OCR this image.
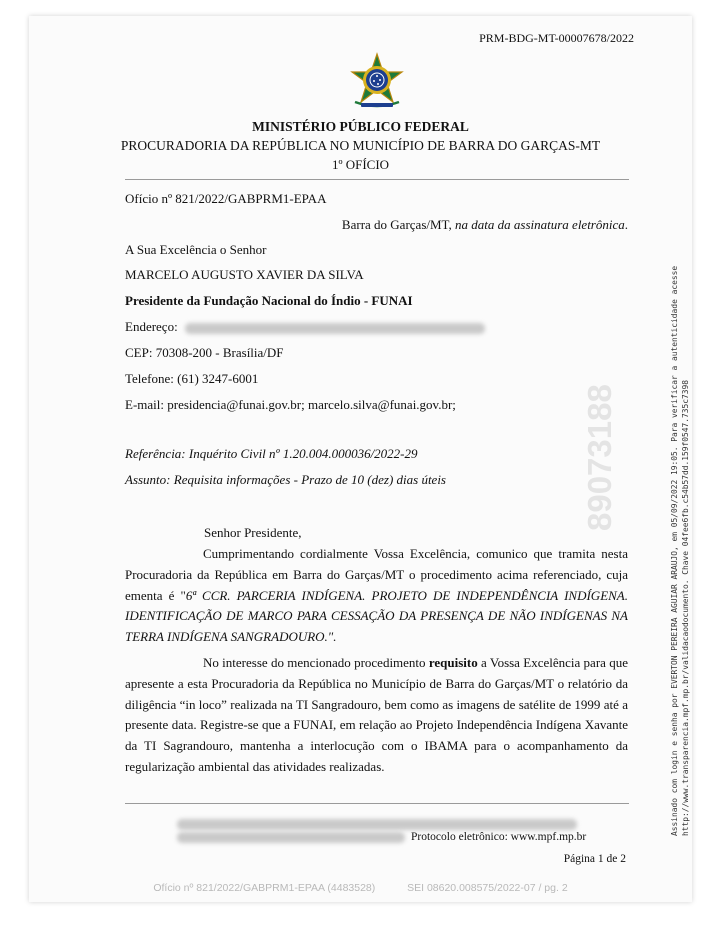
PRM-BDG-MT-00007678/2022
MINISTÉRIO PÚBLICO FEDERAL
PROCURADORIA DA REPÚBLICA NO MUNICÍPIO DE BARRA DO GARÇAS-MT
1º OFÍCIO
Ofício nº 821/2022/GABPRM1-EPAA
Barra do Garças/MT, na data da assinatura eletrônica.
A Sua Excelência o Senhor
MARCELO AUGUSTO XAVIER DA SILVA
Presidente da Fundação Nacional do Índio - FUNAI
Endereço:
CEP: 70308-200 - Brasília/DF
Telefone: (61) 3247-6001
E-mail: presidencia@funai.gov.br; marcelo.silva@funai.gov.br;
Referência: Inquérito Civil nº 1.20.004.000036/2022-29
Assunto: Requisita informações - Prazo de 10 (dez) dias úteis
Senhor Presidente,

Cumprimentando cordialmente Vossa Excelência, comunico que tramita nesta Procuradoria da República em Barra do Garças/MT o procedimento acima referenciado, cuja ementa é "6ª CCR. PARCERIA INDÍGENA. PROJETO DE INDEPENDÊNCIA INDÍGENA. IDENTIFICAÇÃO DE MARCO PARA CESSAÇÃO DA PRESENÇA DE NÃO INDÍGENAS NA TERRA INDÍGENA SANGRADOURO.".

No interesse do mencionado procedimento requisito a Vossa Excelência para que apresente a esta Procuradoria da República no Município de Barra do Garças/MT o relatório da diligência “in loco” realizada na TI Sangradouro, bem como as imagens de satélite de 1999 até a presente data. Registre-se que a FUNAI, em relação ao Projeto Independência Indígena Xavante da TI Sagrandouro, mantenha a interlocução com o IBAMA para o acompanhamento da regularização ambiental das atividades realizadas.

Protocolo eletrônico: www.mpf.mp.br
Página 1 de 2
Ofício nº 821/2022/GABPRM1-EPAA (4483528)	SEI 08620.008575/2022-07 / pg. 2
89073188	Assinado com login e senha por EVERTON PEREIRA AGUIAR ARAUJO, em 05/09/2022 19:05. Para verificar a autenticidade acesse http://www.transparencia.mpf.mp.br/validacaodocumento. Chave 04fee6fb.c54b57dd.159f0547.735c7398
